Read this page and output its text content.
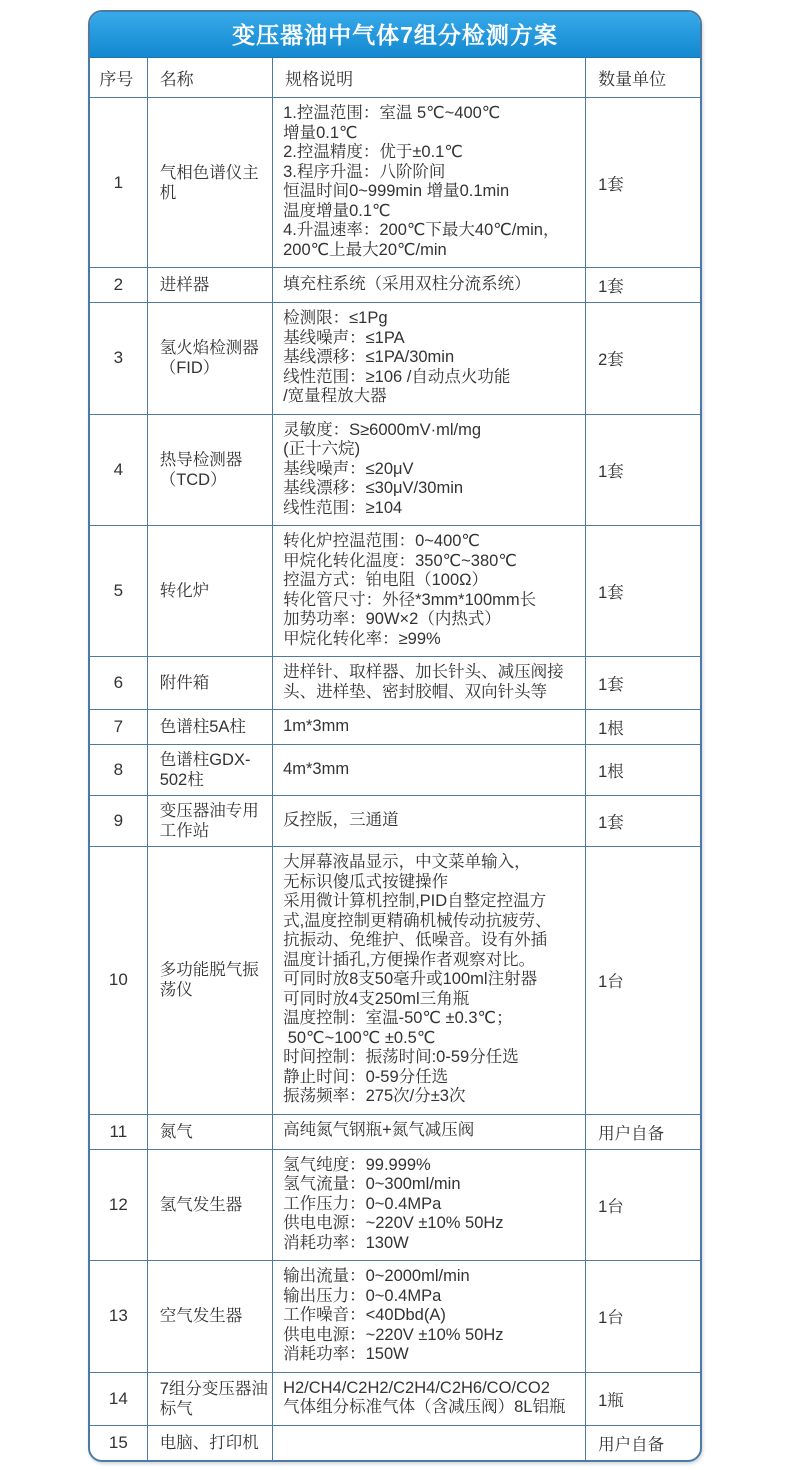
变压器油中气体7组分检测方案
序号	名称	规格说明	数量单位
1	气相色谱仪主机	
1.控温范围：室温 5℃~400℃
增量0.1℃
2.控温精度：优于±0.1℃
3.程序升温：八阶阶间
恒温时间0~999min 增量0.1min
温度增量0.1℃
4.升温速率：200℃下最大40℃/min，
200℃上最大20℃/min
	1套
2	进样器	填充柱系统（采用双柱分流系统）	1套
3	氢火焰检测器（FID）	检测限：≤1Pg
基线噪声：≤1PA
基线漂移：≤1PA/30min
线性范围：≥106 /自动点火功能
/宽量程放大器	2套
4	热导检测器（TCD）	灵敏度：S≥6000mV·ml/mg
(正十六烷)
基线噪声：≤20μV
基线漂移：≤30μV/30min
线性范围：≥104	1套
5	转化炉	
转化炉控温范围：0~400℃
甲烷化转化温度：350℃~380℃
控温方式：铂电阻（100Ω）
转化管尺寸：外径*3mm*100mm长
加势功率：90W×2（内热式）
甲烷化转化率：≥99%
	1套
6	附件箱	进样针、取样器、加长针头、减压阀接
头、进样垫、密封胶帽、双向针头等	1套
7	色谱柱5A柱	1m*3mm	1根
8	色谱柱GDX-502柱	4m*3mm	1根
9	变压器油专用工作站	反控版，三通道	1套
10	多功能脱气振荡仪	
大屏幕液晶显示，中文菜单输入，
无标识傻瓜式按键操作
采用微计算机控制,PID自整定控温方
式,温度控制更精确机械传动抗疲劳、
抗振动、免维护、低噪音。设有外插
温度计插孔,方便操作者观察对比。
可同时放8支50毫升或100ml注射器
可同时放4支250ml三角瓶
温度控制：室温-50℃ ±0.3℃；
50℃~100℃ ±0.5℃
时间控制：振荡时间:0-59分任选
静止时间：0-59分任选
振荡频率：275次/分±3次
	1台
11	氮气	高纯氮气钢瓶+氮气减压阀	用户自备
12	氢气发生器	氢气纯度：99.999%
氢气流量：0~300ml/min
工作压力：0~0.4MPa
供电电源：~220V ±10% 50Hz
消耗功率：130W	1台
13	空气发生器	输出流量：0~2000ml/min
输出压力：0~0.4MPa
工作噪音：<40Dbd(A)
供电电源：~220V ±10% 50Hz
消耗功率：150W	1台
14	7组分变压器油标气	H2/CH4/C2H2/C2H4/C2H6/CO/CO2
气体组分标准气体（含减压阀）8L铝瓶	1瓶
15	电脑、打印机		用户自备
